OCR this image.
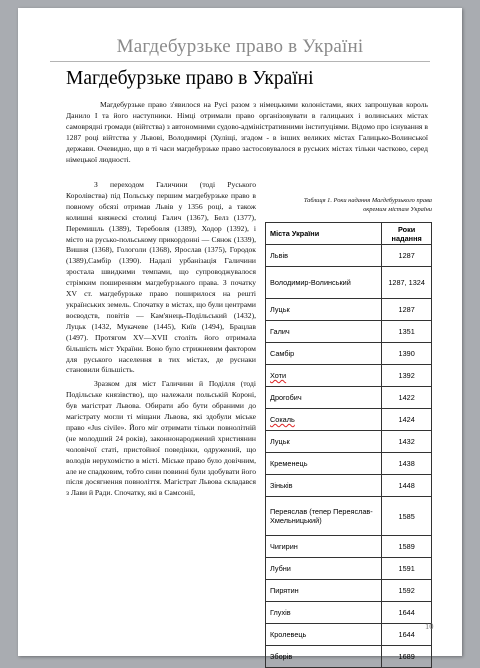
Магдебурзьке право в Україні
Магдебурзьке право в Україні

Магдебурзьке право з'явилося на Русі разом з німецькими колоністами, яких запрошував король Данило І та його наступники. Німці отримали право організовувати в галицьких і волинських містах самоврядні громади (війтства) з автономними судово-адміністративними інституціями. Відомо про існування в 1287 році війтства у Львові, Володимирі (Хуліщі, згадом - в інших великих містах Галицько-Волинської держави. Очевидно, що в ті часи магдебурзьке право застосовувалося в руських містах тільки частково, серед німецької людності.

З переходом Галичини (тоді Руського Королівства) під Польську першим магдебурзьке право в повному обсязі отримав Львів у 1356 році, а також колишні княжескі столиці Галич (1367), Белз (1377), Перемишль (1389), Теребовля (1389), Ходор (1392), і місто на русько-польському прикордонні — Сянок (1339), Вишня (1368), Гологоли (1368), Ярослав (1375), Городок (1389),Самбір (1390). Надалі урбанізація Галичини зростала швидкими темпами, що супроводжувалося стрімким поширенням магдебурзького права. З початку XV ст. магдебурзьке право поширилося на решті українських земель. Спочатку в містах, що були центрами воєводств, повітів — Кам'янець-Подільський (1432), Луцьк (1432, Мукачеве (1445), Київ (1494), Брацлав (1497). Протягом XV—XVII століть його отримала більшість міст України. Воно було стрижневим фактором для руського населення в тих містах, де руснаки становили більшість.

Зразком для міст Галичини й Поділля (тоді Подільське князівство), що належали польській Короні, був магістрат Львова. Обирати або бути обраними до магістрату могли ті міщани Львова, які здобули міське право «Jus civile». Його міг отримати тільки повнолітній (не молодший 24 років), законнонароджений християнин чоловічої статі, пристойної поведінки, одружений, що володів нерухомістю в місті. Міське право було довічним, але не спадковим, тобто сини повинні були здобувати його після досягнення повноліття. Магістрат Львова складався з Лави й Ради. Спочатку, які в Самсонії,

Таблиця 1. Роки надання Магдебурзького права окремим містам України
Міста України	Роки надання
Львів	1287
Володимир-Волинський	1287, 1324
Луцьк	1287
Галич	1351
Самбір	1390
Хоти	1392
Дрогобич	1422
Сокаль	1424
Луцьк	1432
Кременець	1438
Зіньків	1448
Переяслав (тепер Переяслав-Хмельницький)	1585
Чигирин	1589
Лубни	1591
Пирятин	1592
Глухів	1644
Кролевець	1644
Зборів	1689
10
